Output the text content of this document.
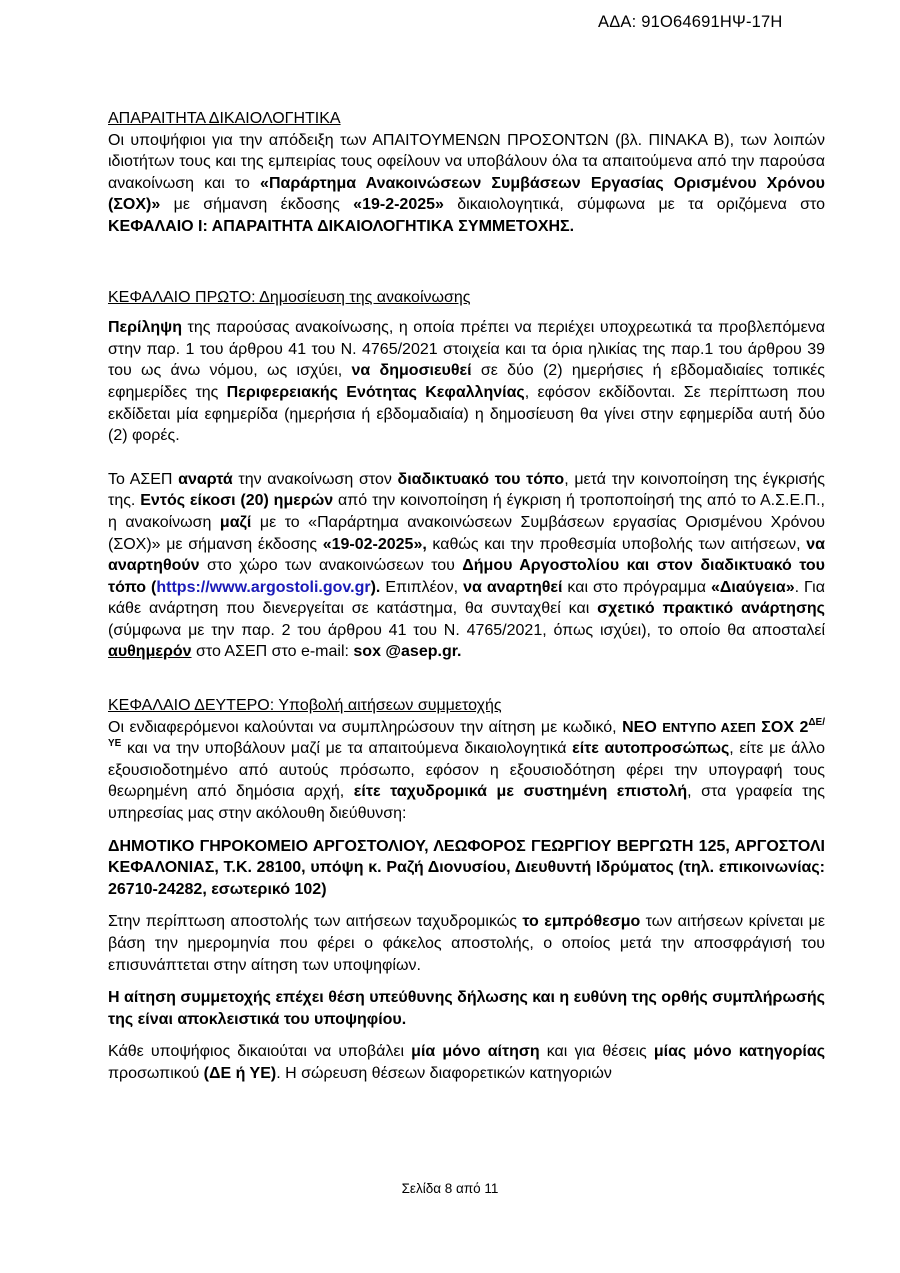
ΑΔΑ: 91Ο64691ΗΨ-17Η

ΑΠΑΡΑΙΤΗΤΑ ΔΙΚΑΙΟΛΟΓΗΤΙΚΑ

Οι υποψήφιοι για την απόδειξη των ΑΠΑΙΤΟΥΜΕΝΩΝ ΠΡΟΣΟΝΤΩΝ (βλ. ΠΙΝΑΚΑ Β), των λοιπών ιδιοτήτων τους και της εμπειρίας τους οφείλουν να υποβάλουν όλα τα απαιτούμενα από την παρούσα ανακοίνωση και το «Παράρτημα Ανακοινώσεων Συμβάσεων Εργασίας Ορισμένου Χρόνου (ΣΟΧ)» με σήμανση έκδοσης «19-2-2025» δικαιολογητικά, σύμφωνα με τα οριζόμενα στο ΚΕΦΑΛΑΙΟ Ι: ΑΠΑΡΑΙΤΗΤΑ ΔΙΚΑΙΟΛΟΓΗΤΙΚΑ ΣΥΜΜΕΤΟΧΗΣ.

ΚΕΦΑΛΑΙΟ ΠΡΩΤΟ: Δημοσίευση της ανακοίνωσης

Περίληψη της παρούσας ανακοίνωσης, η οποία πρέπει να περιέχει υποχρεωτικά τα προβλεπόμενα στην παρ. 1 του άρθρου 41 του Ν. 4765/2021 στοιχεία και τα όρια ηλικίας της παρ.1 του άρθρου 39 του ως άνω νόμου, ως ισχύει, να δημοσιευθεί σε δύο (2) ημερήσιες ή εβδομαδιαίες τοπικές εφημερίδες της Περιφερειακής Ενότητας Κεφαλληνίας, εφόσον εκδίδονται. Σε περίπτωση που εκδίδεται μία εφημερίδα (ημερήσια ή εβδομαδιαία) η δημοσίευση θα γίνει στην εφημερίδα αυτή δύο (2) φορές.

Το ΑΣΕΠ αναρτά την ανακοίνωση στον διαδικτυακό του τόπο, μετά την κοινοποίηση της έγκρισής της. Εντός είκοσι (20) ημερών από την κοινοποίηση ή έγκριση ή τροποποίησή της από το Α.Σ.Ε.Π., η ανακοίνωση μαζί με το «Παράρτημα ανακοινώσεων Συμβάσεων εργασίας Ορισμένου Χρόνου (ΣΟΧ)» με σήμανση έκδοσης «19-02-2025», καθώς και την προθεσμία υποβολής των αιτήσεων, να αναρτηθούν στο χώρο των ανακοινώσεων του Δήμου Αργοστολίου και στον διαδικτυακό του τόπο (https://www.argostoli.gov.gr). Επιπλέον, να αναρτηθεί και στο πρόγραμμα «Διαύγεια». Για κάθε ανάρτηση που διενεργείται σε κατάστημα, θα συνταχθεί και σχετικό πρακτικό ανάρτησης (σύμφωνα με την παρ. 2 του άρθρου 41 του Ν. 4765/2021, όπως ισχύει), το οποίο θα αποσταλεί αυθημερόν στο ΑΣΕΠ στο e-mail: sox @asep.gr.

ΚΕΦΑΛΑΙΟ ΔΕΥΤΕΡΟ: Υποβολή αιτήσεων συμμετοχής

Οι ενδιαφερόμενοι καλούνται να συμπληρώσουν την αίτηση με κωδικό, ΝΕΟ ΕΝΤΥΠΟ ΑΣΕΠ ΣΟΧ $2^{\Delta E/\Upsilon E}$ και να την υποβάλουν μαζί με τα απαιτούμενα δικαιολογητικά είτε αυτοπροσώπως, είτε με άλλο εξουσιοδοτημένο από αυτούς πρόσωπο, εφόσον η εξουσιοδότηση φέρει την υπογραφή τους θεωρημένη από δημόσια αρχή, είτε ταχυδρομικά με συστημένη επιστολή, στα γραφεία της υπηρεσίας μας στην ακόλουθη διεύθυνση:

ΔΗΜΟΤΙΚΟ ΓΗΡΟΚΟΜΕΙΟ ΑΡΓΟΣΤΟΛΙΟΥ, ΛΕΩΦΟΡΟΣ ΓΕΩΡΓΙΟΥ ΒΕΡΓΩΤΗ 125, ΑΡΓΟΣΤΟΛΙ ΚΕΦΑΛΟΝΙΑΣ, Τ.Κ. 28100, υπόψη κ. Ραζή Διονυσίου, Διευθυντή Ιδρύματος (τηλ. επικοινωνίας: 26710-24282, εσωτερικό 102)

Στην περίπτωση αποστολής των αιτήσεων ταχυδρομικώς το εμπρόθεσμο των αιτήσεων κρίνεται με βάση την ημερομηνία που φέρει ο φάκελος αποστολής, ο οποίος μετά την αποσφράγισή του επισυνάπτεται στην αίτηση των υποψηφίων.

Η αίτηση συμμετοχής επέχει θέση υπεύθυνης δήλωσης και η ευθύνη της ορθής συμπλήρωσής της είναι αποκλειστικά του υποψηφίου.

Κάθε υποψήφιος δικαιούται να υποβάλει μία μόνο αίτηση και για θέσεις μίας μόνο κατηγορίας προσωπικού (ΔΕ ή ΥΕ). Η σώρευση θέσεων διαφορετικών κατηγοριών

Σελίδα 8 από 11
